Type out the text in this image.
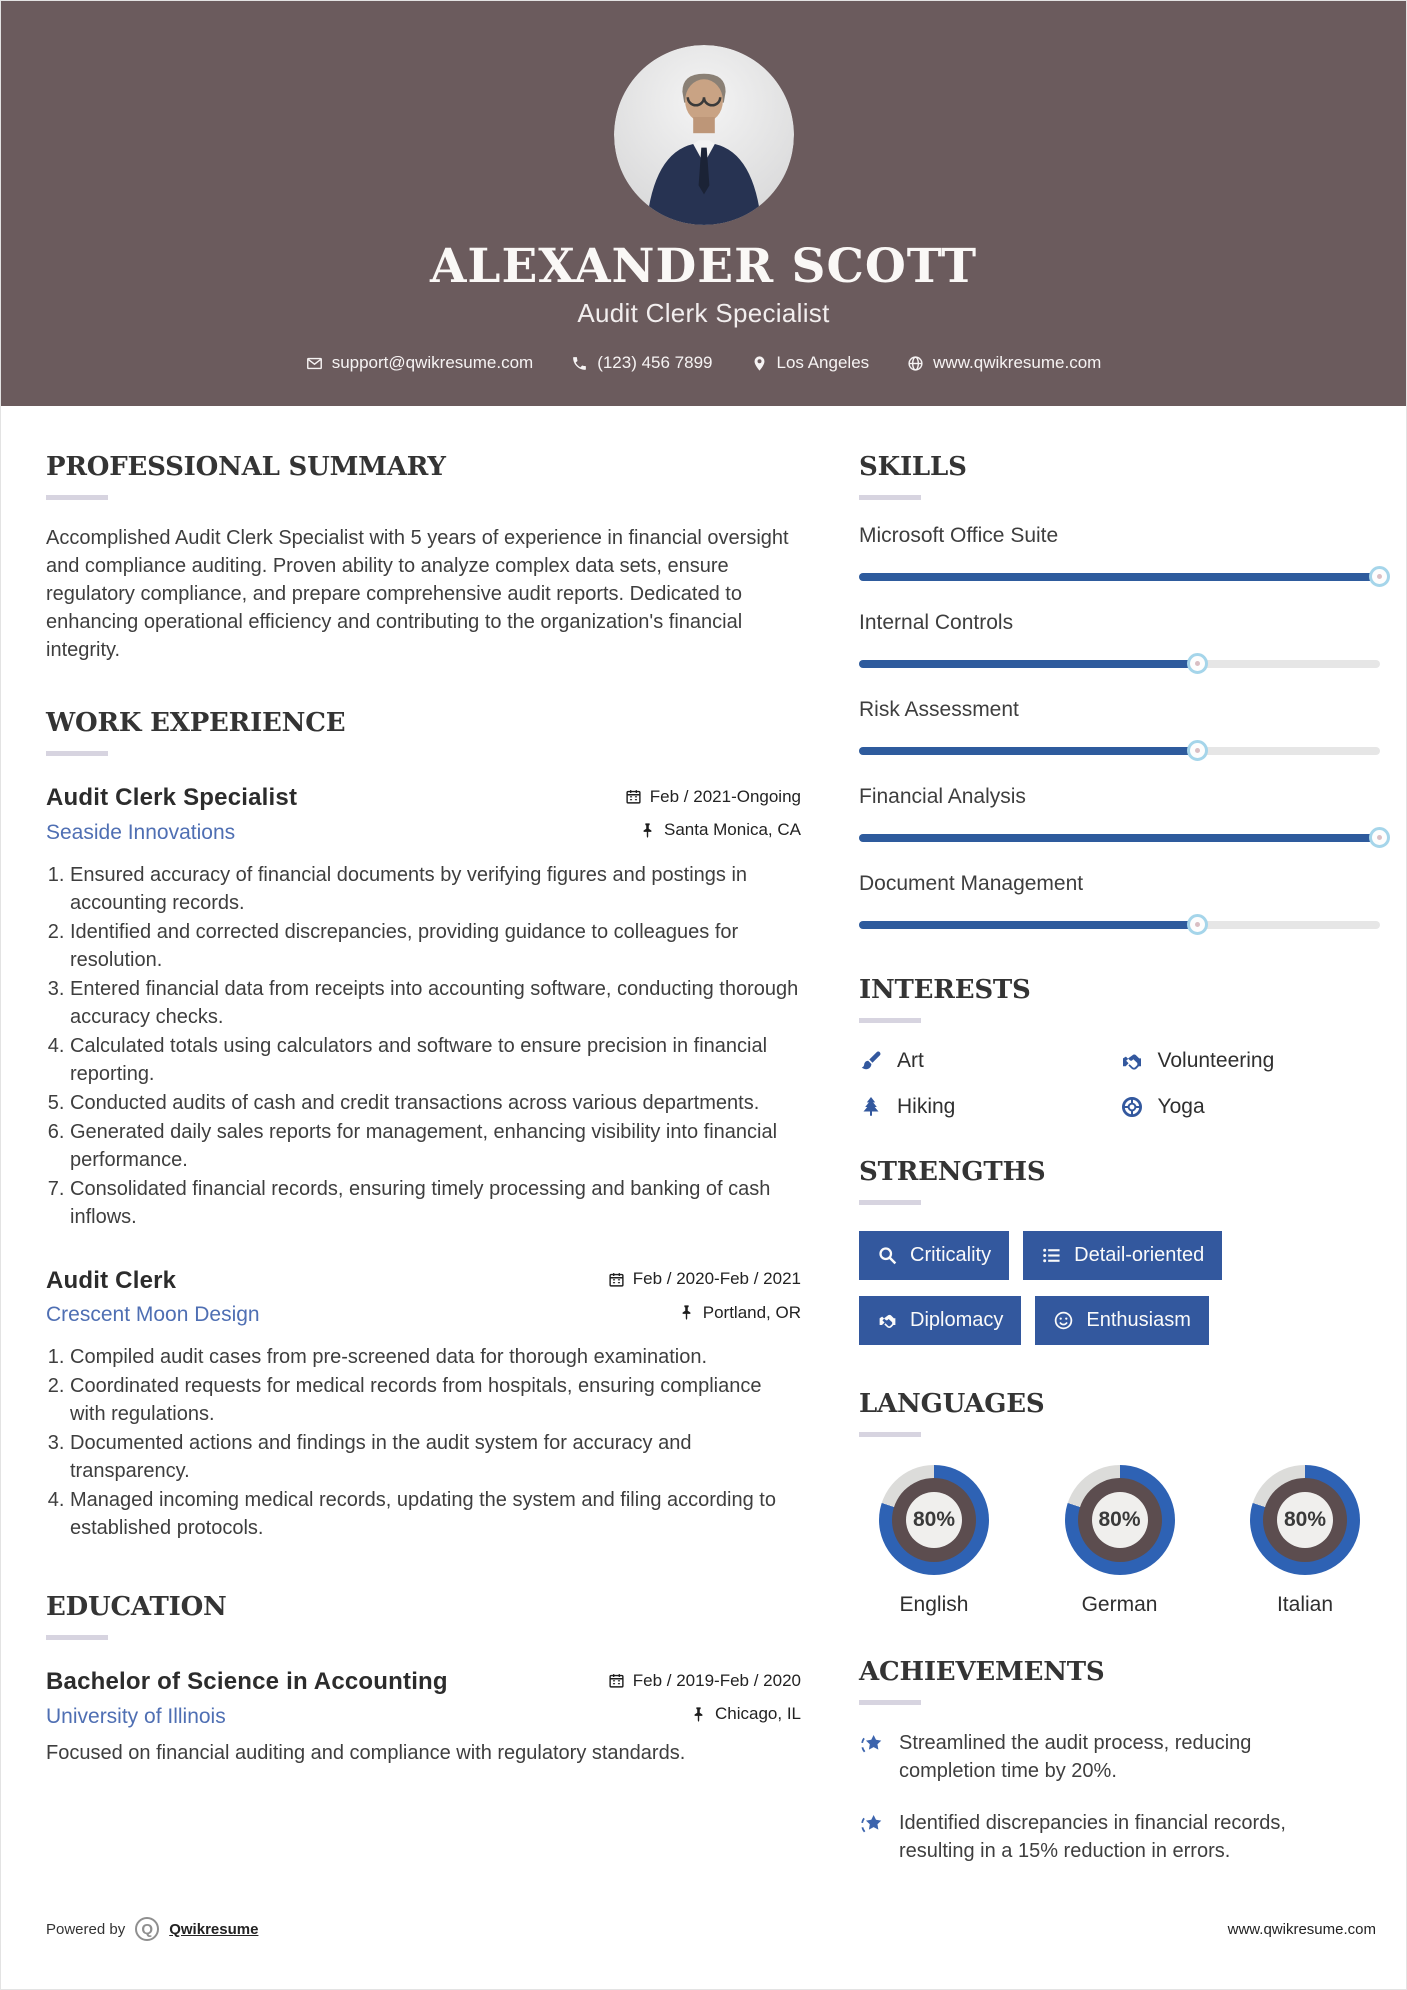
ALEXANDER SCOTT
Audit Clerk Specialist
support@qwikresume.com	(123) 456 7899	Los Angeles	www.qwikresume.com
PROFESSIONAL SUMMARY

Accomplished Audit Clerk Specialist with 5 years of experience in financial oversight and compliance auditing. Proven ability to analyze complex data sets, ensure regulatory compliance, and prepare comprehensive audit reports. Dedicated to enhancing operational efficiency and contributing to the organization's financial integrity.

WORK EXPERIENCE
Audit Clerk Specialist	Feb / 2021-Ongoing
Seaside Innovations	Santa Monica, CA
1. Ensured accuracy of financial documents by verifying figures and postings in accounting records.
2. Identified and corrected discrepancies, providing guidance to colleagues for resolution.
3. Entered financial data from receipts into accounting software, conducting thorough accuracy checks.
4. Calculated totals using calculators and software to ensure precision in financial reporting.
5. Conducted audits of cash and credit transactions across various departments.
6. Generated daily sales reports for management, enhancing visibility into financial performance.
7. Consolidated financial records, ensuring timely processing and banking of cash inflows.
Audit Clerk	Feb / 2020-Feb / 2021
Crescent Moon Design	Portland, OR
1. Compiled audit cases from pre-screened data for thorough examination.
2. Coordinated requests for medical records from hospitals, ensuring compliance with regulations.
3. Documented actions and findings in the audit system for accuracy and transparency.
4. Managed incoming medical records, updating the system and filing according to established protocols.
EDUCATION
Bachelor of Science in Accounting	Feb / 2019-Feb / 2020
University of Illinois	Chicago, IL

Focused on financial auditing and compliance with regulatory standards.

SKILLS
Microsoft Office Suite
Internal Controls
Risk Assessment
Financial Analysis
Document Management
INTERESTS
Art	Volunteering
Hiking	Yoga
STRENGTHS
Criticality	Detail-oriented
Diplomacy	Enthusiasm
LANGUAGES
80%
English
80%
German
80%
Italian
ACHIEVEMENTS
Streamlined the audit process, reducing completion time by 20%.
Identified discrepancies in financial records, resulting in a 15% reduction in errors.
Powered by	Q	Qwikresume	www.qwikresume.com
